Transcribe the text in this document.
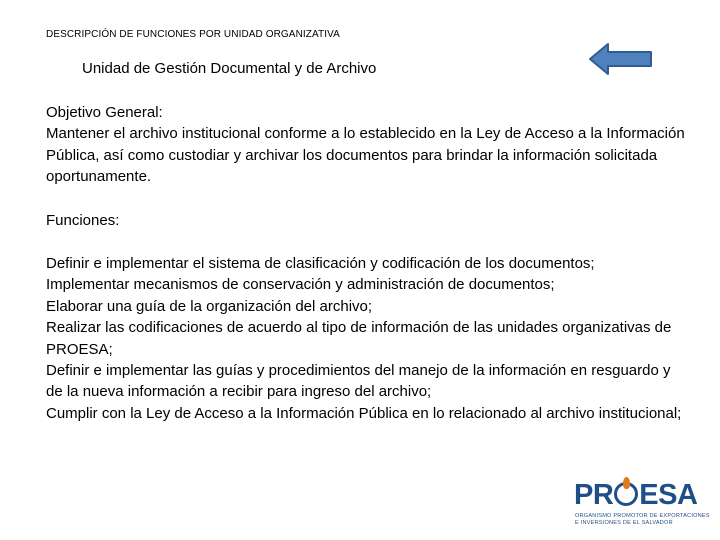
DESCRIPCIÓN DE FUNCIONES POR UNIDAD ORGANIZATIVA
Unidad de Gestión Documental y de Archivo

Objetivo General:

Mantener el archivo institucional conforme a lo establecido en la Ley de Acceso a la Información Pública, así como custodiar y archivar los documentos para brindar la información solicitada oportunamente.

Funciones:

Definir e implementar el sistema de clasificación y codificación de los documentos;
Implementar mecanismos de conservación y administración de documentos;
Elaborar una guía de la organización del archivo;
Realizar las codificaciones de acuerdo al tipo de información de las unidades organizativas de PROESA;
Definir e implementar las guías y procedimientos del manejo de la información en resguardo y de la nueva información a recibir para ingreso del archivo;
Cumplir con la Ley de Acceso a la Información Pública en lo relacionado al archivo institucional;
PR ESA
ORGANISMO PROMOTOR DE EXPORTACIONES
E INVERSIONES DE EL SALVADOR
